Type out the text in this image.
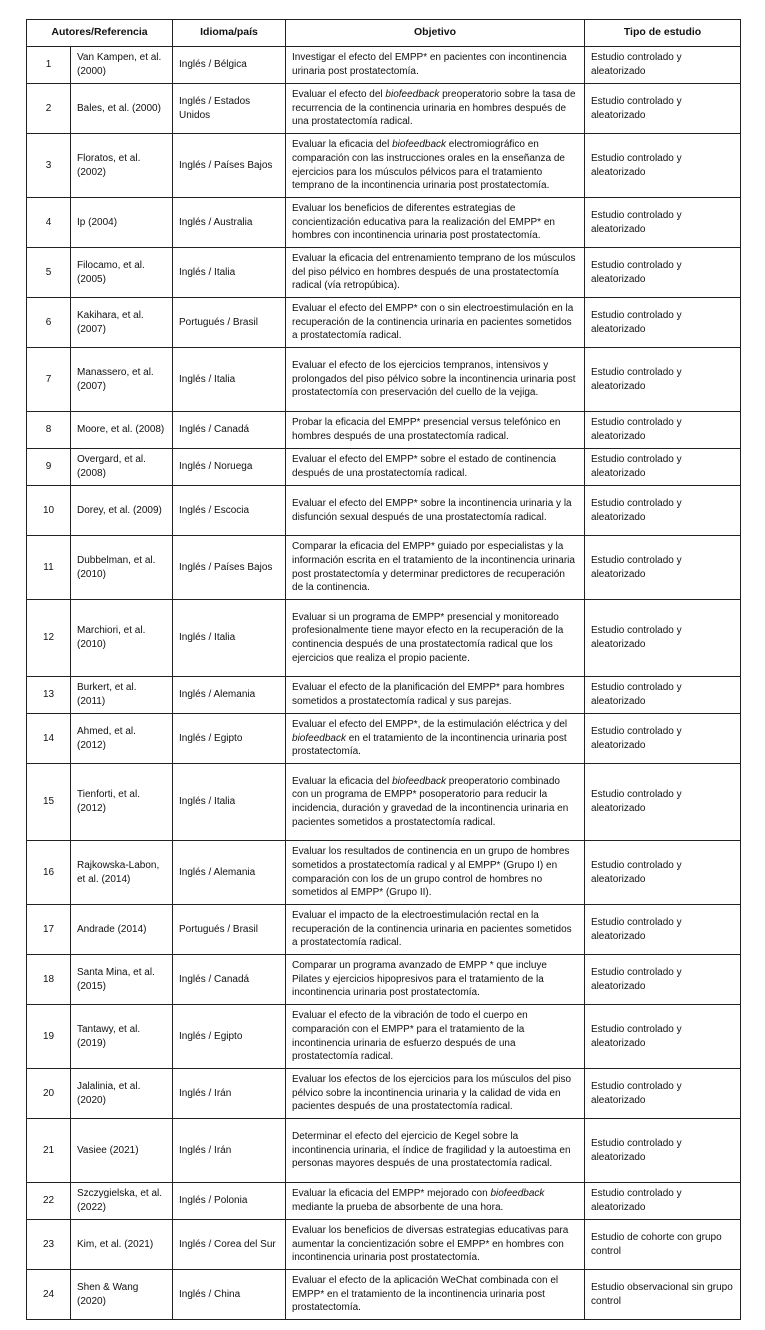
Autores/Referencia		Idioma/país	Objetivo	Tipo de estudio
1	Van Kampen, et al. (2000)	Inglés / Bélgica	Investigar el efecto del EMPP* en pacientes con incontinencia urinaria post prostatectomía.	Estudio controlado y aleatorizado
2	Bales, et al. (2000)	Inglés / Estados Unidos	Evaluar el efecto del biofeedback preoperatorio sobre la tasa de recurrencia de la continencia urinaria en hombres después de una prostatectomía radical.	Estudio controlado y aleatorizado
3	Floratos, et al. (2002)	Inglés / Países Bajos	Evaluar la eficacia del biofeedback electromiográfico en comparación con las instrucciones orales en la enseñanza de ejercicios para los músculos pélvicos para el tratamiento temprano de la incontinencia urinaria post prostatectomía.	Estudio controlado y aleatorizado
4	Ip (2004)	Inglés / Australia	Evaluar los beneficios de diferentes estrategias de concientización educativa para la realización del EMPP* en hombres con incontinencia urinaria post prostatectomía.	Estudio controlado y aleatorizado
5	Filocamo, et al. (2005)	Inglés / Italia	Evaluar la eficacia del entrenamiento temprano de los músculos del piso pélvico en hombres después de una prostatectomía radical (vía retropúbica).	Estudio controlado y aleatorizado
6	Kakihara, et al. (2007)	Portugués / Brasil	Evaluar el efecto del EMPP* con o sin electroestimulación en la recuperación de la continencia urinaria en pacientes sometidos a prostatectomía radical.	Estudio controlado y aleatorizado
7	Manassero, et al. (2007)	Inglés / Italia	Evaluar el efecto de los ejercicios tempranos, intensivos y prolongados del piso pélvico sobre la incontinencia urinaria post prostatectomía con preservación del cuello de la vejiga.	Estudio controlado y aleatorizado
8	Moore, et al. (2008)	Inglés / Canadá	Probar la eficacia del EMPP* presencial versus telefónico en hombres después de una prostatectomía radical.	Estudio controlado y aleatorizado
9	Overgard, et al. (2008)	Inglés / Noruega	Evaluar el efecto del EMPP* sobre el estado de continencia después de una prostatectomía radical.	Estudio controlado y aleatorizado
10	Dorey, et al. (2009)	Inglés / Escocia	Evaluar el efecto del EMPP* sobre la incontinencia urinaria y la disfunción sexual después de una prostatectomía radical.	Estudio controlado y aleatorizado
11	Dubbelman, et al. (2010)	Inglés / Países Bajos	Comparar la eficacia del EMPP* guiado por especialistas y la información escrita en el tratamiento de la incontinencia urinaria post prostatectomía y determinar predictores de recuperación de la continencia.	Estudio controlado y aleatorizado
12	Marchiori, et al. (2010)	Inglés / Italia	Evaluar si un programa de EMPP* presencial y monitoreado profesionalmente tiene mayor efecto en la recuperación de la continencia después de una prostatectomía radical que los ejercicios que realiza el propio paciente.	Estudio controlado y aleatorizado
13	Burkert, et al. (2011)	Inglés / Alemania	Evaluar el efecto de la planificación del EMPP* para hombres sometidos a prostatectomía radical y sus parejas.	Estudio controlado y aleatorizado
14	Ahmed, et al. (2012)	Inglés / Egipto	Evaluar el efecto del EMPP*, de la estimulación eléctrica y del biofeedback en el tratamiento de la incontinencia urinaria post prostatectomía.	Estudio controlado y aleatorizado
15	Tienforti, et al. (2012)	Inglés / Italia	Evaluar la eficacia del biofeedback preoperatorio combinado con un programa de EMPP* posoperatorio para reducir la incidencia, duración y gravedad de la incontinencia urinaria en pacientes sometidos a prostatectomía radical.	Estudio controlado y aleatorizado
16	Rajkowska-Labon, et al. (2014)	Inglés / Alemania	Evaluar los resultados de continencia en un grupo de hombres sometidos a prostatectomía radical y al EMPP* (Grupo I) en comparación con los de un grupo control de hombres no sometidos al EMPP* (Grupo II).	Estudio controlado y aleatorizado
17	Andrade (2014)	Portugués / Brasil	Evaluar el impacto de la electroestimulación rectal en la recuperación de la continencia urinaria en pacientes sometidos a prostatectomía radical.	Estudio controlado y aleatorizado
18	Santa Mina, et al. (2015)	Inglés / Canadá	Comparar un programa avanzado de EMPP * que incluye Pilates y ejercicios hipopresivos para el tratamiento de la incontinencia urinaria post prostatectomía.	Estudio controlado y aleatorizado
19	Tantawy, et al. (2019)	Inglés / Egipto	Evaluar el efecto de la vibración de todo el cuerpo en comparación con el EMPP* para el tratamiento de la incontinencia urinaria de esfuerzo después de una prostatectomía radical.	Estudio controlado y aleatorizado
20	Jalalinia, et al. (2020)	Inglés / Irán	Evaluar los efectos de los ejercicios para los músculos del piso pélvico sobre la incontinencia urinaria y la calidad de vida en pacientes después de una prostatectomía radical.	Estudio controlado y aleatorizado
21	Vasiee (2021)	Inglés / Irán	Determinar el efecto del ejercicio de Kegel sobre la incontinencia urinaria, el índice de fragilidad y la autoestima en personas mayores después de una prostatectomía radical.	Estudio controlado y aleatorizado
22	Szczygielska, et al. (2022)	Inglés / Polonia	Evaluar la eficacia del EMPP* mejorado con biofeedback mediante la prueba de absorbente de una hora.	Estudio controlado y aleatorizado
23	Kim, et al. (2021)	Inglés / Corea del Sur	Evaluar los beneficios de diversas estrategias educativas para aumentar la concientización sobre el EMPP* en hombres con incontinencia urinaria post prostatectomía.	Estudio de cohorte con grupo control
24	Shen & Wang (2020)	Inglés / China	Evaluar el efecto de la aplicación WeChat combinada con el EMPP* en el tratamiento de la incontinencia urinaria post prostatectomía.	Estudio observacional sin grupo control
